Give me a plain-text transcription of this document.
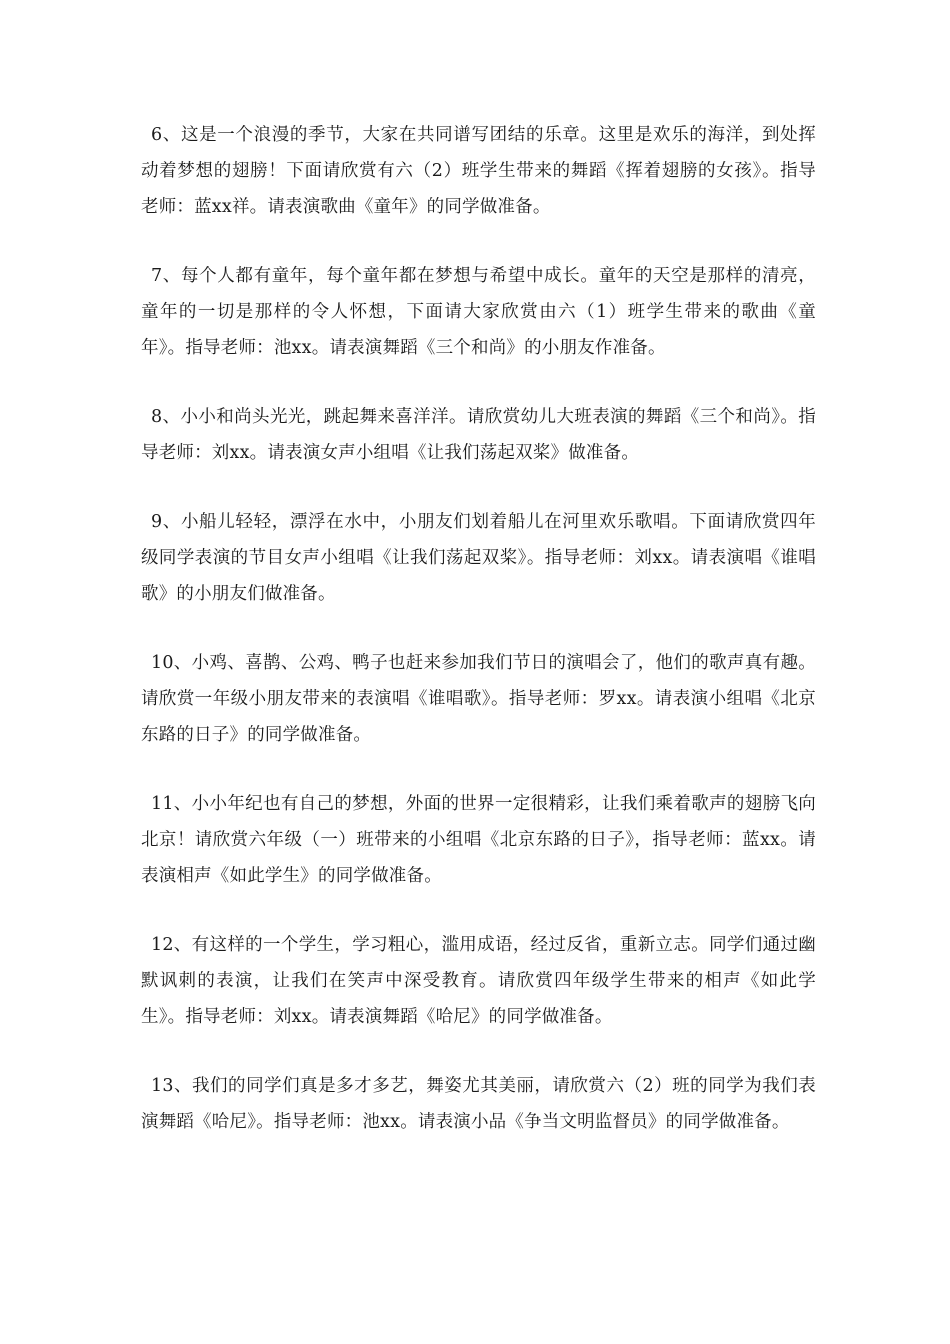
6、这是一个浪漫的季节，大家在共同谱写团结的乐章。这里是欢乐的海洋，到处挥动着梦想的翅膀！下面请欣赏有六（2）班学生带来的舞蹈《挥着翅膀的女孩》。指导老师：蓝xx祥。请表演歌曲《童年》的同学做准备。

7、每个人都有童年，每个童年都在梦想与希望中成长。童年的天空是那样的清亮，童年的一切是那样的令人怀想，下面请大家欣赏由六（1）班学生带来的歌曲《童年》。指导老师：池xx。请表演舞蹈《三个和尚》的小朋友作准备。

8、小小和尚头光光，跳起舞来喜洋洋。请欣赏幼儿大班表演的舞蹈《三个和尚》。指导老师：刘xx。请表演女声小组唱《让我们荡起双桨》做准备。

9、小船儿轻轻，漂浮在水中，小朋友们划着船儿在河里欢乐歌唱。下面请欣赏四年级同学表演的节目女声小组唱《让我们荡起双桨》。指导老师：刘xx。请表演唱《谁唱歌》的小朋友们做准备。

10、小鸡、喜鹊、公鸡、鸭子也赶来参加我们节日的演唱会了，他们的歌声真有趣。请欣赏一年级小朋友带来的表演唱《谁唱歌》。指导老师：罗xx。请表演小组唱《北京东路的日子》的同学做准备。

11、小小年纪也有自己的梦想，外面的世界一定很精彩，让我们乘着歌声的翅膀飞向北京！请欣赏六年级（一）班带来的小组唱《北京东路的日子》，指导老师：蓝xx。请表演相声《如此学生》的同学做准备。

12、有这样的一个学生，学习粗心，滥用成语，经过反省，重新立志。同学们通过幽默讽刺的表演，让我们在笑声中深受教育。请欣赏四年级学生带来的相声《如此学生》。指导老师：刘xx。请表演舞蹈《哈尼》的同学做准备。

13、我们的同学们真是多才多艺，舞姿尤其美丽，请欣赏六（2）班的同学为我们表演舞蹈《哈尼》。指导老师：池xx。请表演小品《争当文明监督员》的同学做准备。
